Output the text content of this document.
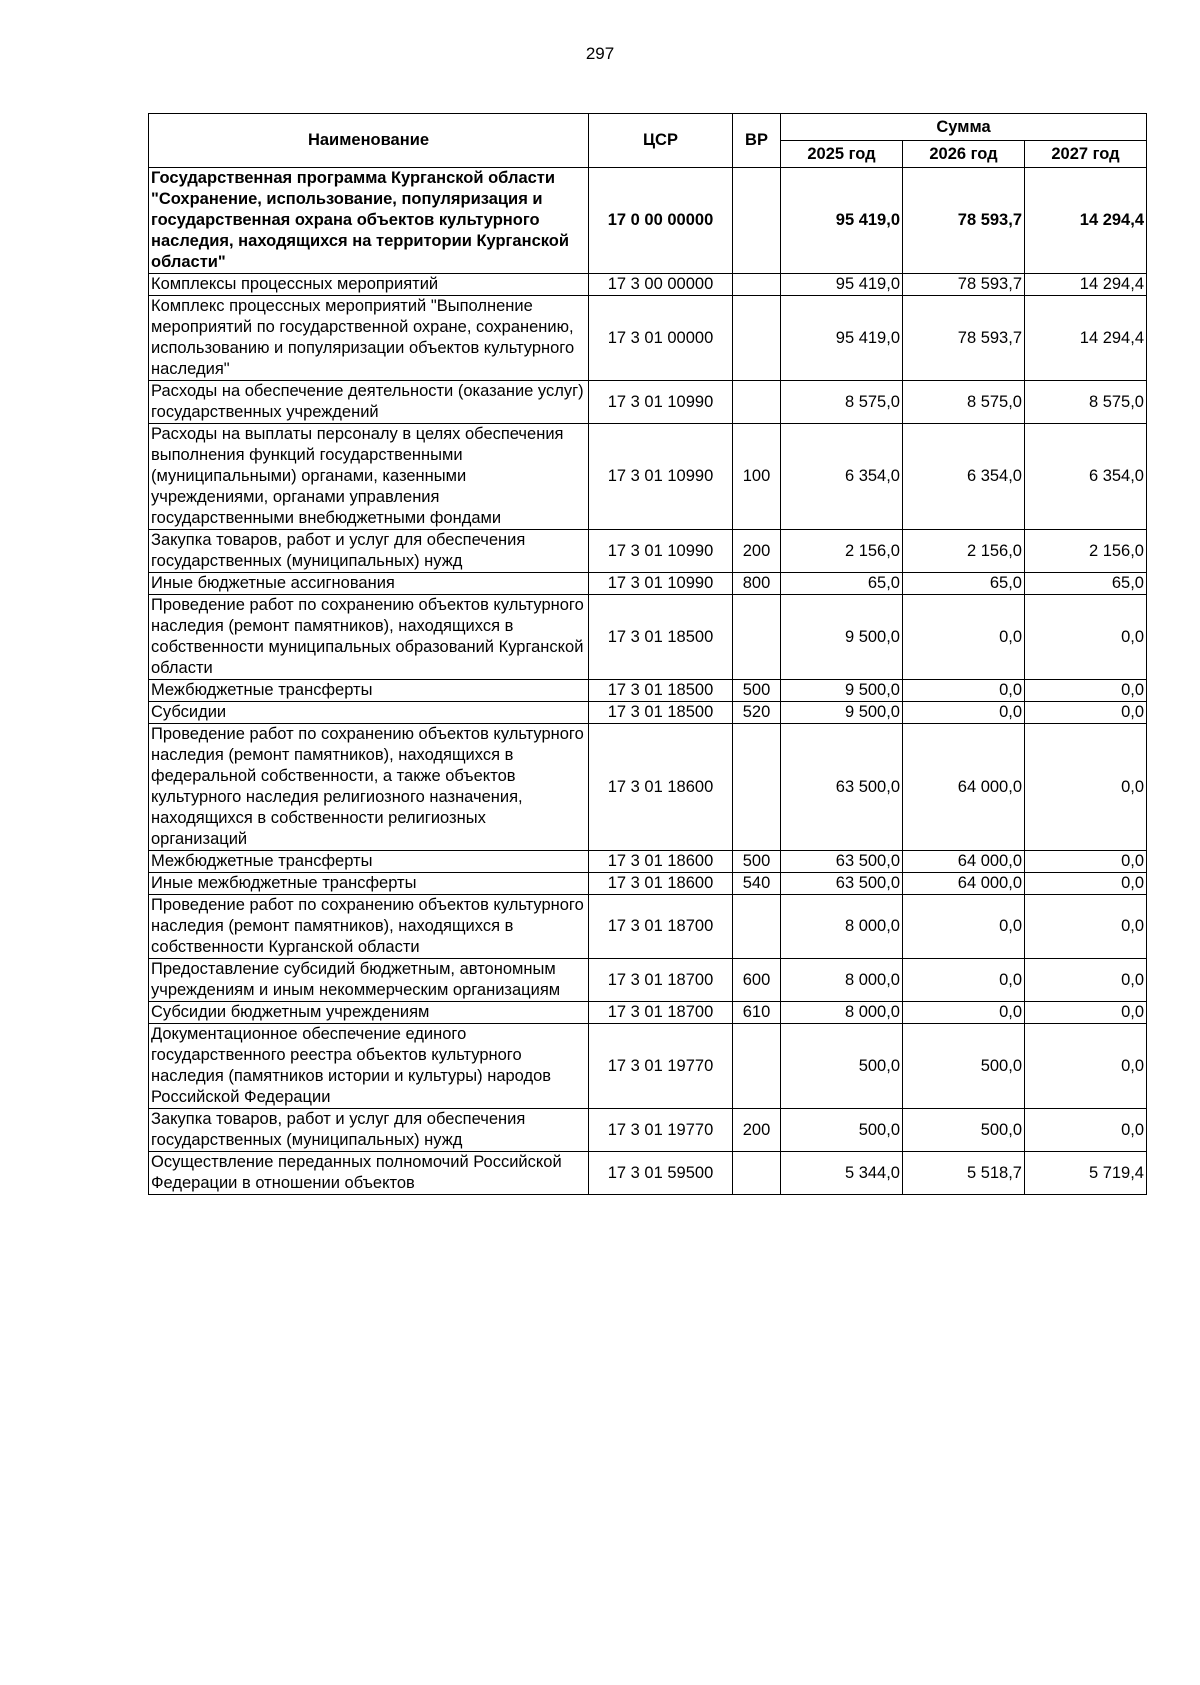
297
Наименование	ЦСР	ВР	Сумма		
			2025 год	2026 год	2027 год
Государственная программа Курганской области "Сохранение, использование, популяризация и государственная охрана объектов культурного наследия, находящихся на территории Курганской области"	17 0 00 00000		95 419,0	78 593,7	14 294,4
Комплексы процессных мероприятий	17 3 00 00000		95 419,0	78 593,7	14 294,4
Комплекс процессных мероприятий "Выполнение мероприятий по государственной охране, сохранению, использованию и популяризации объектов культурного наследия"	17 3 01 00000		95 419,0	78 593,7	14 294,4
Расходы на обеспечение деятельности (оказание услуг) государственных учреждений	17 3 01 10990		8 575,0	8 575,0	8 575,0
Расходы на выплаты персоналу в целях обеспечения выполнения функций государственными (муниципальными) органами, казенными учреждениями, органами управления государственными внебюджетными фондами	17 3 01 10990	100	6 354,0	6 354,0	6 354,0
Закупка товаров, работ и услуг для обеспечения государственных (муниципальных) нужд	17 3 01 10990	200	2 156,0	2 156,0	2 156,0
Иные бюджетные ассигнования	17 3 01 10990	800	65,0	65,0	65,0
Проведение работ по сохранению объектов культурного наследия (ремонт памятников), находящихся в собственности муниципальных образований Курганской области	17 3 01 18500		9 500,0	0,0	0,0
Межбюджетные трансферты	17 3 01 18500	500	9 500,0	0,0	0,0
Субсидии	17 3 01 18500	520	9 500,0	0,0	0,0
Проведение работ по сохранению объектов культурного наследия (ремонт памятников), находящихся в федеральной собственности, а также объектов культурного наследия религиозного назначения, находящихся в собственности религиозных организаций	17 3 01 18600		63 500,0	64 000,0	0,0
Межбюджетные трансферты	17 3 01 18600	500	63 500,0	64 000,0	0,0
Иные межбюджетные трансферты	17 3 01 18600	540	63 500,0	64 000,0	0,0
Проведение работ по сохранению объектов культурного наследия (ремонт памятников), находящихся в собственности Курганской области	17 3 01 18700		8 000,0	0,0	0,0
Предоставление субсидий бюджетным, автономным учреждениям и иным некоммерческим организациям	17 3 01 18700	600	8 000,0	0,0	0,0
Субсидии бюджетным учреждениям	17 3 01 18700	610	8 000,0	0,0	0,0
Документационное обеспечение единого государственного реестра объектов культурного наследия (памятников истории и культуры) народов Российской Федерации	17 3 01 19770		500,0	500,0	0,0
Закупка товаров, работ и услуг для обеспечения государственных (муниципальных) нужд	17 3 01 19770	200	500,0	500,0	0,0
Осуществление переданных полномочий Российской Федерации в отношении объектов	17 3 01 59500		5 344,0	5 518,7	5 719,4
